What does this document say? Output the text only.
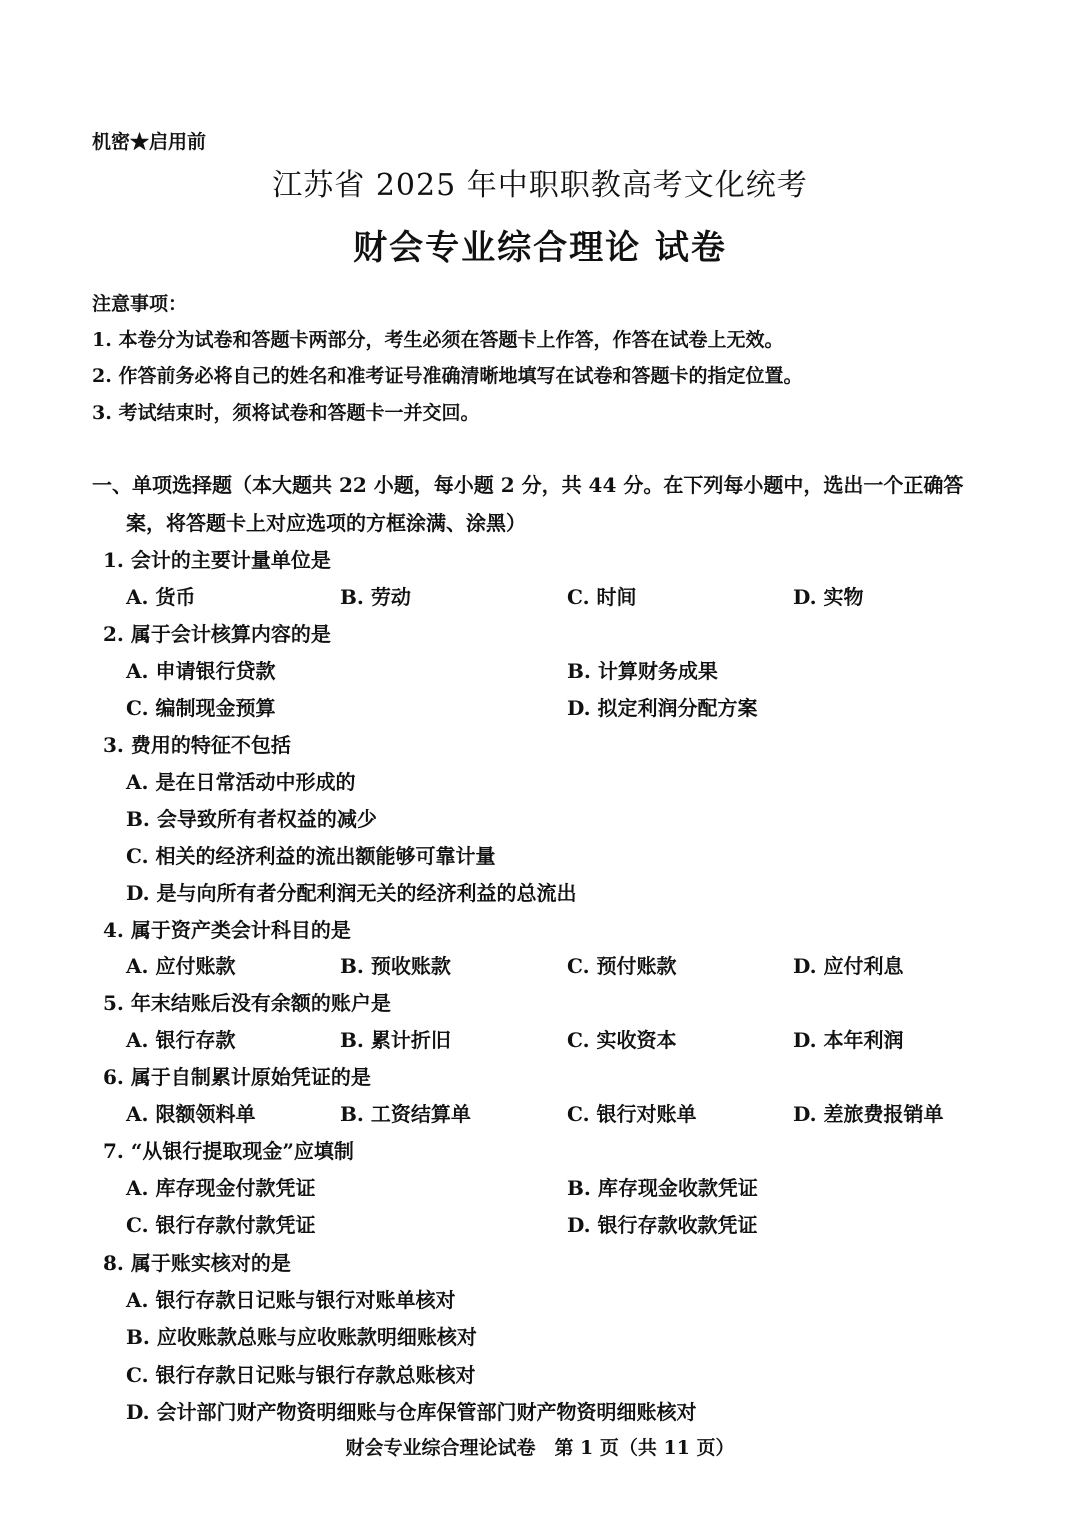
机密★启用前
江苏省 2025 年中职职教高考文化统考
财会专业综合理论 试卷
注意事项：
1. 本卷分为试卷和答题卡两部分，考生必须在答题卡上作答，作答在试卷上无效。
2. 作答前务必将自己的姓名和准考证号准确清晰地填写在试卷和答题卡的指定位置。
3. 考试结束时，须将试卷和答题卡一并交回。
一、单项选择题（本大题共 22 小题，每小题 2 分，共 44 分。在下列每小题中，选出一个正确答
案，将答题卡上对应选项的方框涂满、涂黑）
1. 会计的主要计量单位是
A. 货币	B. 劳动	C. 时间	D. 实物
2. 属于会计核算内容的是
A. 申请银行贷款	B. 计算财务成果
C. 编制现金预算	D. 拟定利润分配方案
3. 费用的特征不包括
A. 是在日常活动中形成的
B. 会导致所有者权益的减少
C. 相关的经济利益的流出额能够可靠计量
D. 是与向所有者分配利润无关的经济利益的总流出
4. 属于资产类会计科目的是
A. 应付账款	B. 预收账款	C. 预付账款	D. 应付利息
5. 年末结账后没有余额的账户是
A. 银行存款	B. 累计折旧	C. 实收资本	D. 本年利润
6. 属于自制累计原始凭证的是
A. 限额领料单	B. 工资结算单	C. 银行对账单	D. 差旅费报销单
7. “从银行提取现金”应填制
A. 库存现金付款凭证	B. 库存现金收款凭证
C. 银行存款付款凭证	D. 银行存款收款凭证
8. 属于账实核对的是
A. 银行存款日记账与银行对账单核对
B. 应收账款总账与应收账款明细账核对
C. 银行存款日记账与银行存款总账核对
D. 会计部门财产物资明细账与仓库保管部门财产物资明细账核对
财会专业综合理论试卷　第 1 页（共 11 页）
